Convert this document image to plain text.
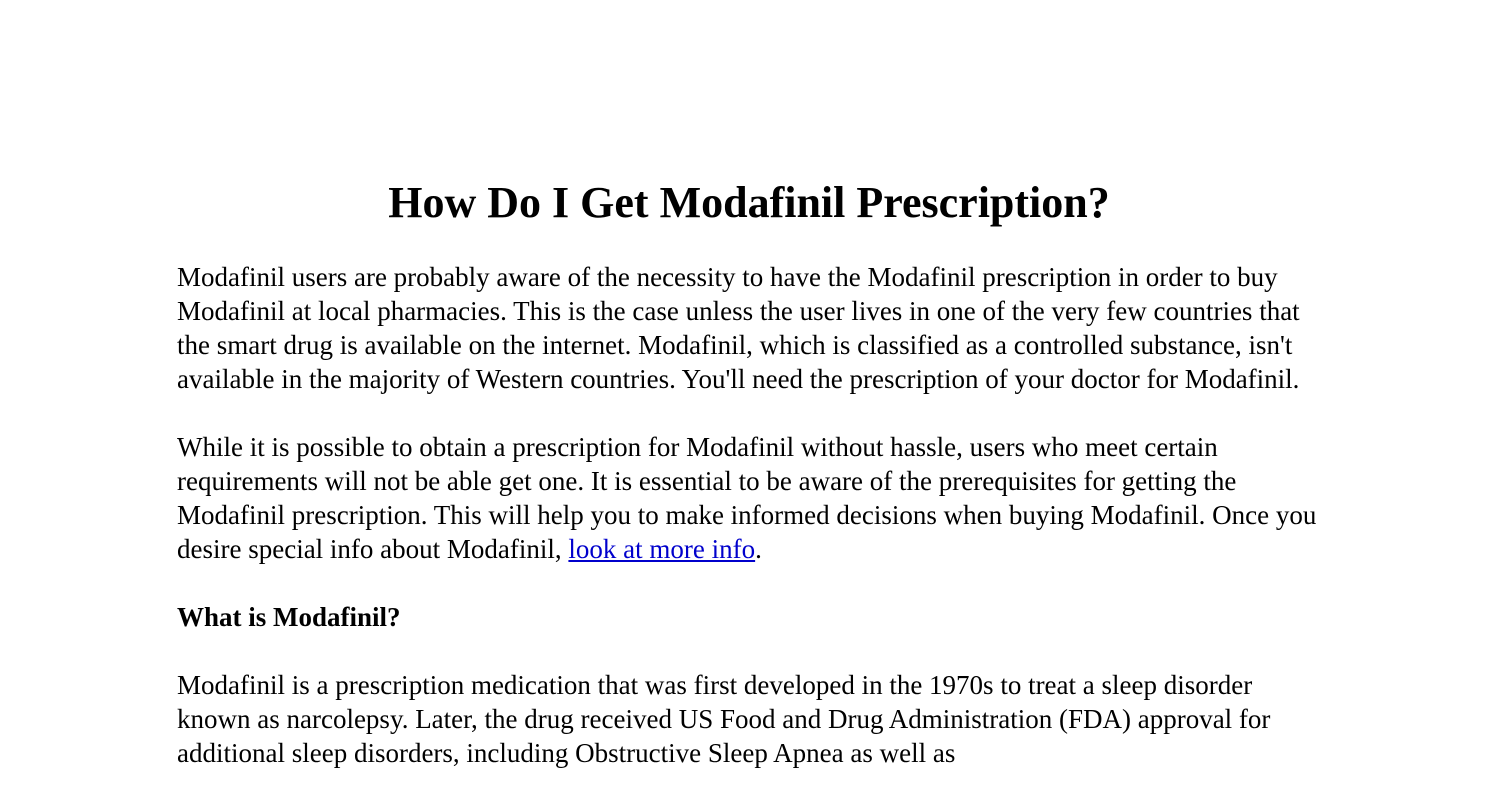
How Do I Get Modafinil Prescription?

Modafinil users are probably aware of the necessity to have the Modafinil prescription in order to buy Modafinil at local pharmacies. This is the case unless the user lives in one of the very few countries that the smart drug is available on the internet. Modafinil, which is classified as a controlled substance, isn't available in the majority of Western countries. You'll need the prescription of your doctor for Modafinil.

While it is possible to obtain a prescription for Modafinil without hassle, users who meet certain requirements will not be able get one. It is essential to be aware of the prerequisites for getting the Modafinil prescription. This will help you to make informed decisions when buying Modafinil. Once you desire special info about Modafinil, look at more info.

What is Modafinil?

Modafinil is a prescription medication that was first developed in the 1970s to treat a sleep disorder known as narcolepsy. Later, the drug received US Food and Drug Administration (FDA) approval for additional sleep disorders, including Obstructive Sleep Apnea as well as
